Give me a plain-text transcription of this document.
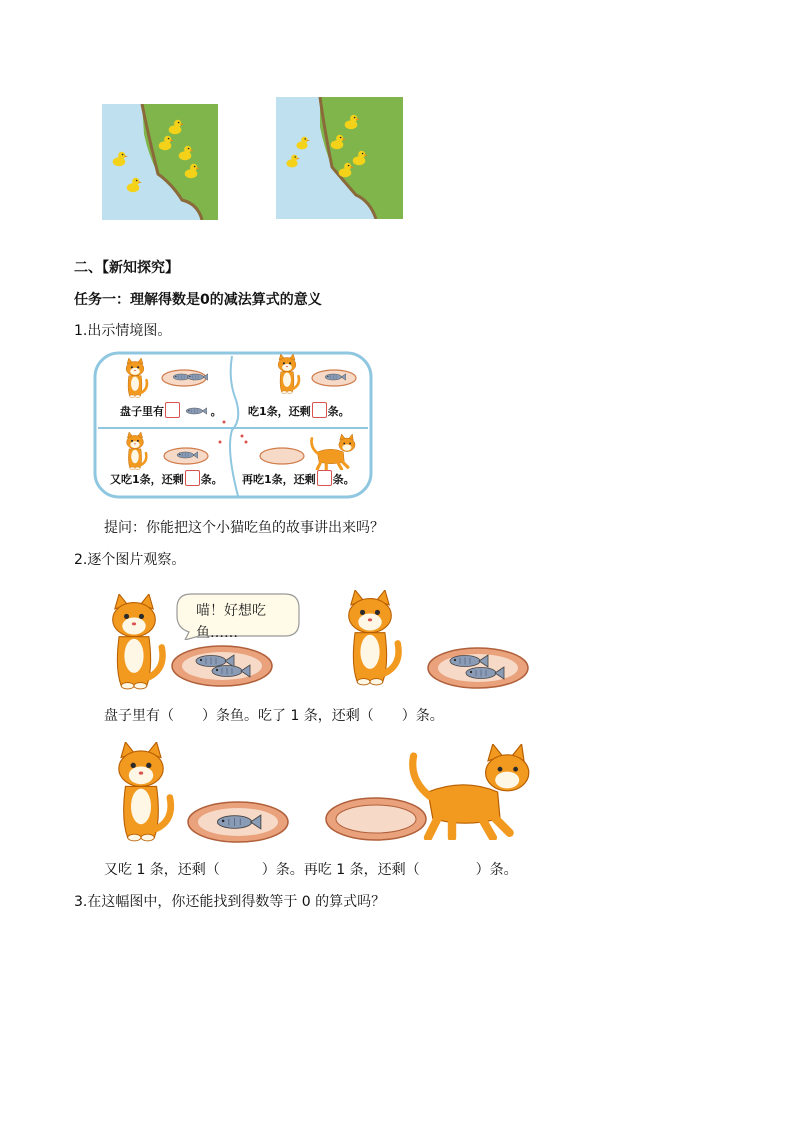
二、【新知探究】
任务一：理解得数是0的减法算式的意义
1.出示情境图。
盘子里有	。 吃1条，还剩 条。
又吃1条，还剩 条。 再吃1条，还剩 条。
提问：你能把这个小猫吃鱼的故事讲出来吗？
2.逐个图片观察。
喵！好想吃鱼……
盘子里有（　　）条鱼。吃了 1 条，还剩（　　）条。
又吃 1 条，还剩（　　　）条。再吃 1 条，还剩（　　　　）条。
3.在这幅图中，你还能找到得数等于 0 的算式吗？
